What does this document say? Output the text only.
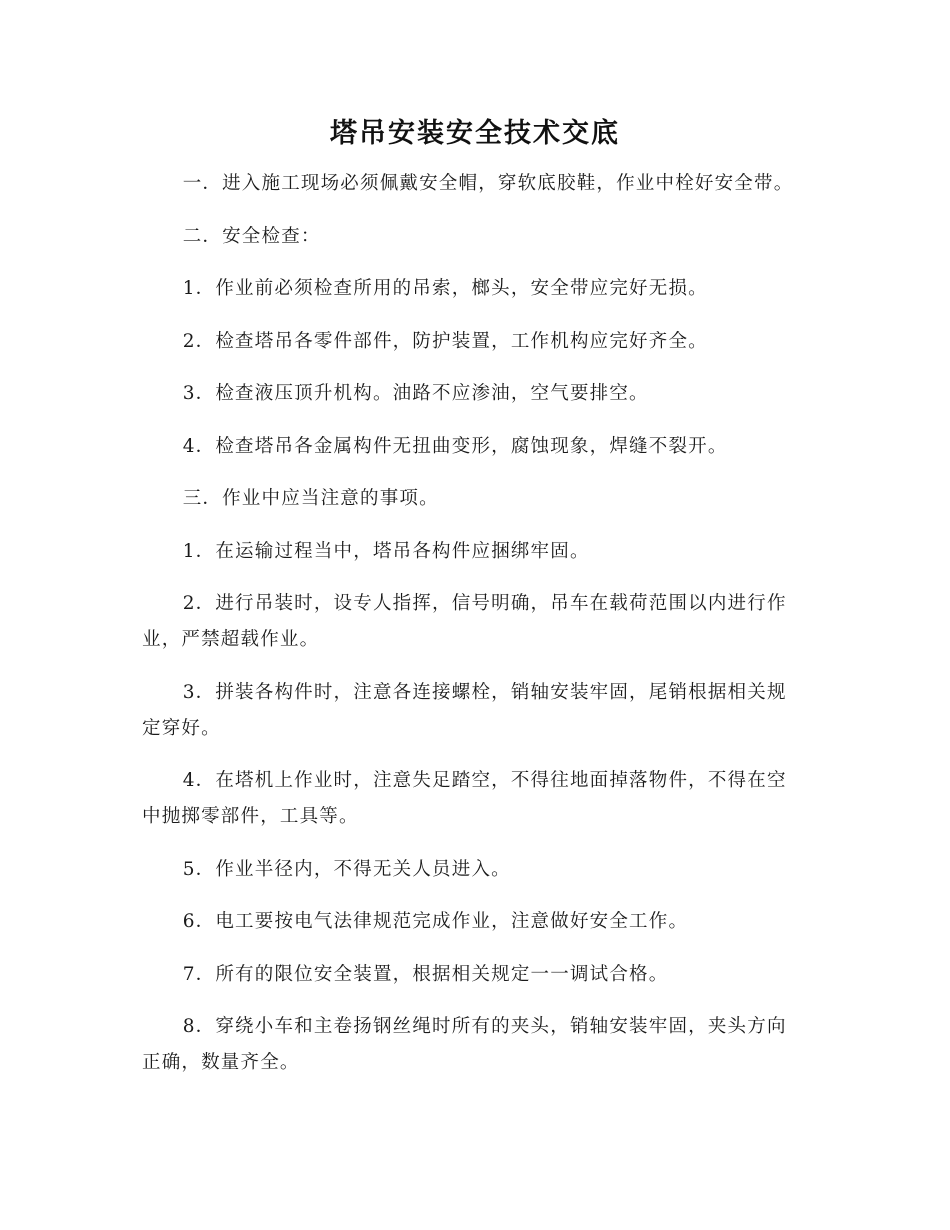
塔吊安装安全技术交底

一．进入施工现场必须佩戴安全帽，穿软底胶鞋，作业中栓好安全带。

二．安全检查：

1．作业前必须检查所用的吊索，榔头，安全带应完好无损。

2．检查塔吊各零件部件，防护装置，工作机构应完好齐全。

3．检查液压顶升机构。油路不应渗油，空气要排空。

4．检查塔吊各金属构件无扭曲变形，腐蚀现象，焊缝不裂开。

三．作业中应当注意的事项。

1．在运输过程当中，塔吊各构件应捆绑牢固。

2．进行吊装时，设专人指挥，信号明确，吊车在载荷范围以内进行作业，严禁超载作业。

3．拼装各构件时，注意各连接螺栓，销轴安装牢固，尾销根据相关规定穿好。

4．在塔机上作业时，注意失足踏空，不得往地面掉落物件，不得在空中抛掷零部件，工具等。

5．作业半径内，不得无关人员进入。

6．电工要按电气法律规范完成作业，注意做好安全工作。

7．所有的限位安全装置，根据相关规定一一调试合格。

8．穿绕小车和主卷扬钢丝绳时所有的夹头，销轴安装牢固，夹头方向正确，数量齐全。
